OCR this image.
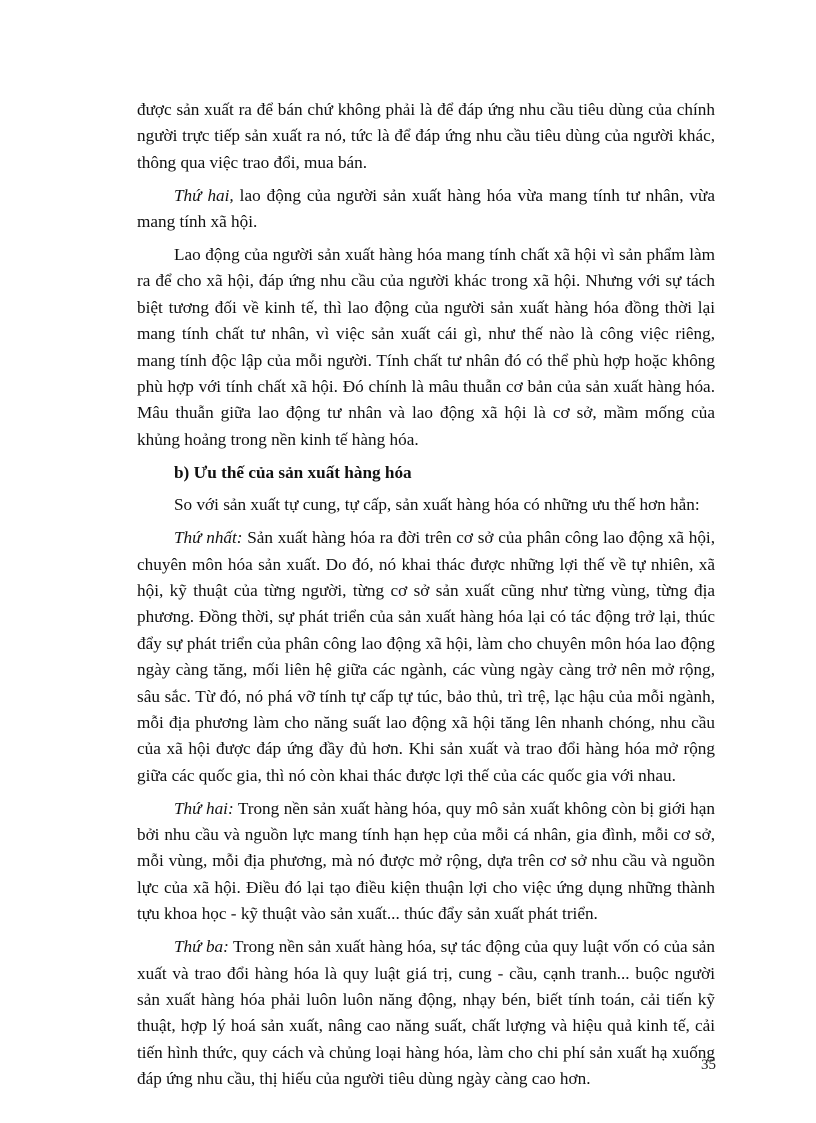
được sản xuất ra để bán chứ không phải là để đáp ứng nhu cầu tiêu dùng của chính người trực tiếp sản xuất ra nó, tức là để đáp ứng nhu cầu tiêu dùng của người khác, thông qua việc trao đổi, mua bán.

Thứ hai, lao động của người sản xuất hàng hóa vừa mang tính tư nhân, vừa mang tính xã hội.

Lao động của người sản xuất hàng hóa mang tính chất xã hội vì sản phẩm làm ra để cho xã hội, đáp ứng nhu cầu của người khác trong xã hội. Nhưng với sự tách biệt tương đối về kinh tế, thì lao động của người sản xuất hàng hóa đồng thời lại mang tính chất tư nhân, vì việc sản xuất cái gì, như thế nào là công việc riêng, mang tính độc lập của mỗi người. Tính chất tư nhân đó có thể phù hợp hoặc không phù hợp với tính chất xã hội. Đó chính là mâu thuẫn cơ bản của sản xuất hàng hóa. Mâu thuẫn giữa lao động tư nhân và lao động xã hội là cơ sở, mầm mống của khủng hoảng trong nền kinh tế hàng hóa.

b) Ưu thế của sản xuất hàng hóa

So với sản xuất tự cung, tự cấp, sản xuất hàng hóa có những ưu thế hơn hẳn:

Thứ nhất: Sản xuất hàng hóa ra đời trên cơ sở của phân công lao động xã hội, chuyên môn hóa sản xuất. Do đó, nó khai thác được những lợi thế về tự nhiên, xã hội, kỹ thuật của từng người, từng cơ sở sản xuất cũng như từng vùng, từng địa phương. Đồng thời, sự phát triển của sản xuất hàng hóa lại có tác động trở lại, thúc đẩy sự phát triển của phân công lao động xã hội, làm cho chuyên môn hóa lao động ngày càng tăng, mối liên hệ giữa các ngành, các vùng ngày càng trở nên mở rộng, sâu sắc. Từ đó, nó phá vỡ tính tự cấp tự túc, bảo thủ, trì trệ, lạc hậu của mỗi ngành, mỗi địa phương làm cho năng suất lao động xã hội tăng lên nhanh chóng, nhu cầu của xã hội được đáp ứng đầy đủ hơn. Khi sản xuất và trao đổi hàng hóa mở rộng giữa các quốc gia, thì nó còn khai thác được lợi thế của các quốc gia với nhau.

Thứ hai: Trong nền sản xuất hàng hóa, quy mô sản xuất không còn bị giới hạn bởi nhu cầu và nguồn lực mang tính hạn hẹp của mỗi cá nhân, gia đình, mỗi cơ sở, mỗi vùng, mỗi địa phương, mà nó được mở rộng, dựa trên cơ sở nhu cầu và nguồn lực của xã hội. Điều đó lại tạo điều kiện thuận lợi cho việc ứng dụng những thành tựu khoa học - kỹ thuật vào sản xuất... thúc đẩy sản xuất phát triển.

Thứ ba: Trong nền sản xuất hàng hóa, sự tác động của quy luật vốn có của sản xuất và trao đổi hàng hóa là quy luật giá trị, cung - cầu, cạnh tranh... buộc người sản xuất hàng hóa phải luôn luôn năng động, nhạy bén, biết tính toán, cải tiến kỹ thuật, hợp lý hoá sản xuất, nâng cao năng suất, chất lượng và hiệu quả kinh tế, cải tiến hình thức, quy cách và chủng loại hàng hóa, làm cho chi phí sản xuất hạ xuống đáp ứng nhu cầu, thị hiếu của người tiêu dùng ngày càng cao hơn.

35
